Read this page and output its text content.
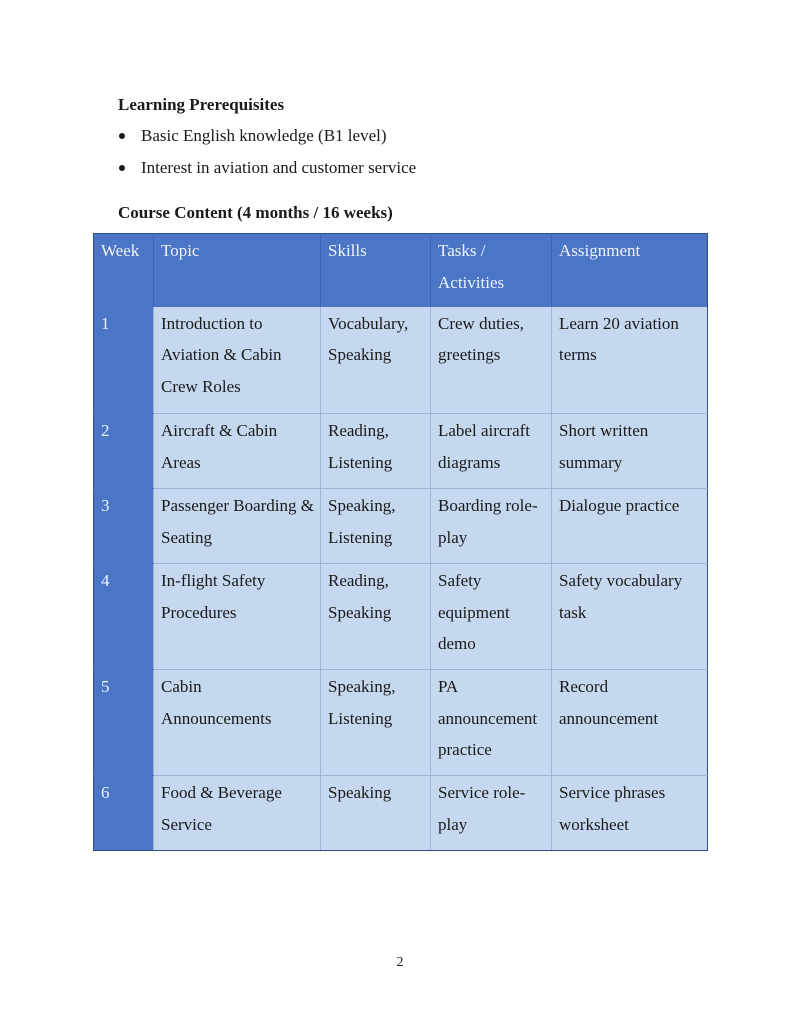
Learning Prerequisites
Basic English knowledge (B1 level)
Interest in aviation and customer service
Course Content (4 months / 16 weeks)
Week	Topic	Skills	Tasks / Activities	Assignment
1	Introduction to Aviation & Cabin Crew Roles	Vocabulary, Speaking	Crew duties, greetings	Learn 20 aviation terms
2	Aircraft & Cabin Areas	Reading, Listening	Label aircraft diagrams	Short written summary
3	Passenger Boarding & Seating	Speaking, Listening	Boarding role-play	Dialogue practice
4	In-flight Safety Procedures	Reading, Speaking	Safety equipment demo	Safety vocabulary task
5	Cabin Announcements	Speaking, Listening	PA announcement practice	Record announcement
6	Food & Beverage Service	Speaking	Service role-play	Service phrases worksheet
2
